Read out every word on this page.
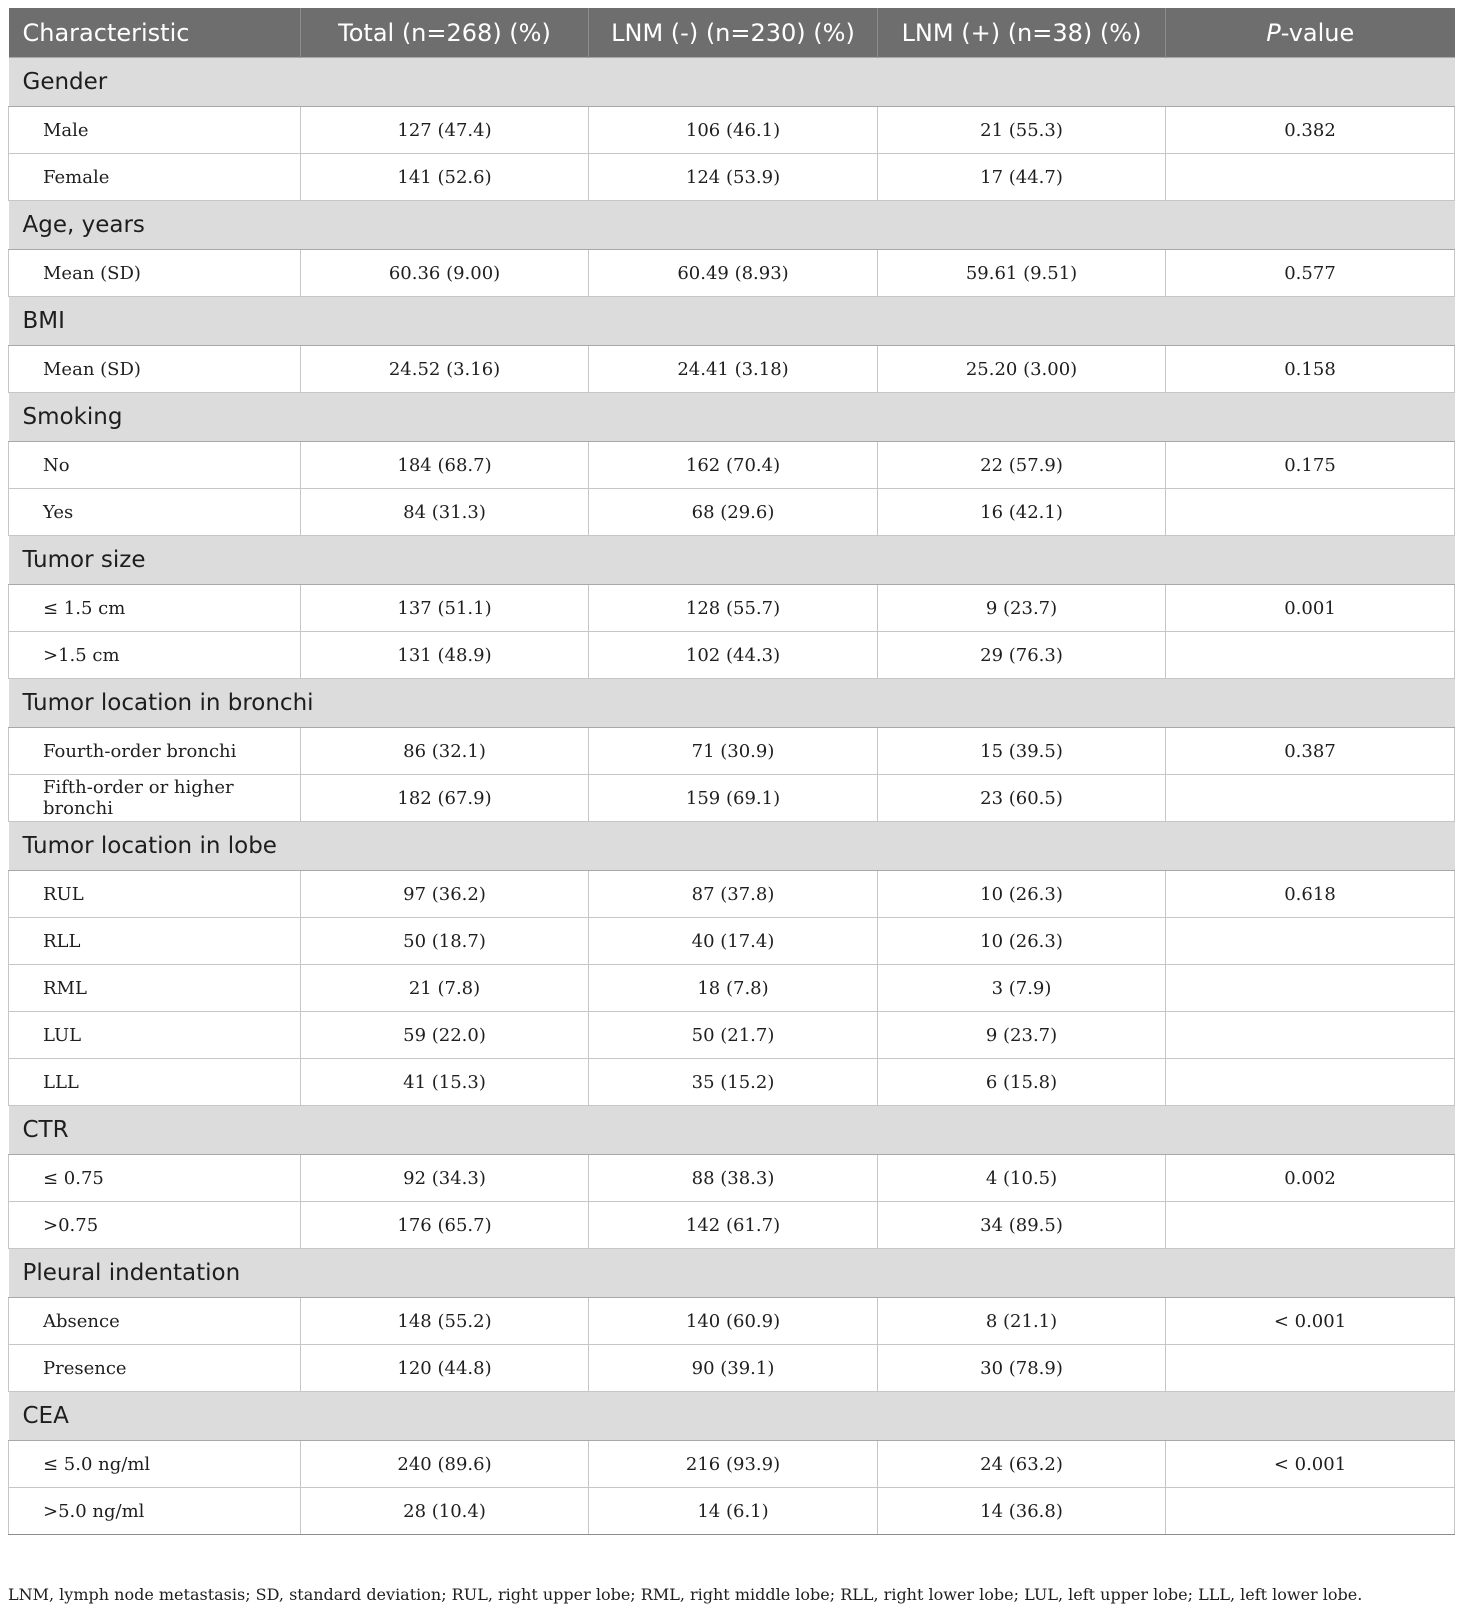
Characteristic	Total (n=268) (%)	LNM (-) (n=230) (%)	LNM (+) (n=38) (%)	P-value
Gender				
Male	127 (47.4)	106 (46.1)	21 (55.3)	0.382
Female	141 (52.6)	124 (53.9)	17 (44.7)	
Age, years				
Mean (SD)	60.36 (9.00)	60.49 (8.93)	59.61 (9.51)	0.577
BMI				
Mean (SD)	24.52 (3.16)	24.41 (3.18)	25.20 (3.00)	0.158
Smoking				
No	184 (68.7)	162 (70.4)	22 (57.9)	0.175
Yes	84 (31.3)	68 (29.6)	16 (42.1)	
Tumor size				
≤ 1.5 cm	137 (51.1)	128 (55.7)	9 (23.7)	0.001
>1.5 cm	131 (48.9)	102 (44.3)	29 (76.3)	
Tumor location in bronchi				
Fourth-order bronchi	86 (32.1)	71 (30.9)	15 (39.5)	0.387
Fifth-order or higher bronchi	182 (67.9)	159 (69.1)	23 (60.5)	
Tumor location in lobe				
RUL	97 (36.2)	87 (37.8)	10 (26.3)	0.618
RLL	50 (18.7)	40 (17.4)	10 (26.3)	
RML	21 (7.8)	18 (7.8)	3 (7.9)	
LUL	59 (22.0)	50 (21.7)	9 (23.7)	
LLL	41 (15.3)	35 (15.2)	6 (15.8)	
CTR				
≤ 0.75	92 (34.3)	88 (38.3)	4 (10.5)	0.002
>0.75	176 (65.7)	142 (61.7)	34 (89.5)	
Pleural indentation				
Absence	148 (55.2)	140 (60.9)	8 (21.1)	< 0.001
Presence	120 (44.8)	90 (39.1)	30 (78.9)	
CEA				
≤ 5.0 ng/ml	240 (89.6)	216 (93.9)	24 (63.2)	< 0.001
>5.0 ng/ml	28 (10.4)	14 (6.1)	14 (36.8)	
LNM, lymph node metastasis; SD, standard deviation; RUL, right upper lobe; RML, right middle lobe; RLL, right lower lobe; LUL, left upper lobe; LLL, left lower lobe.
